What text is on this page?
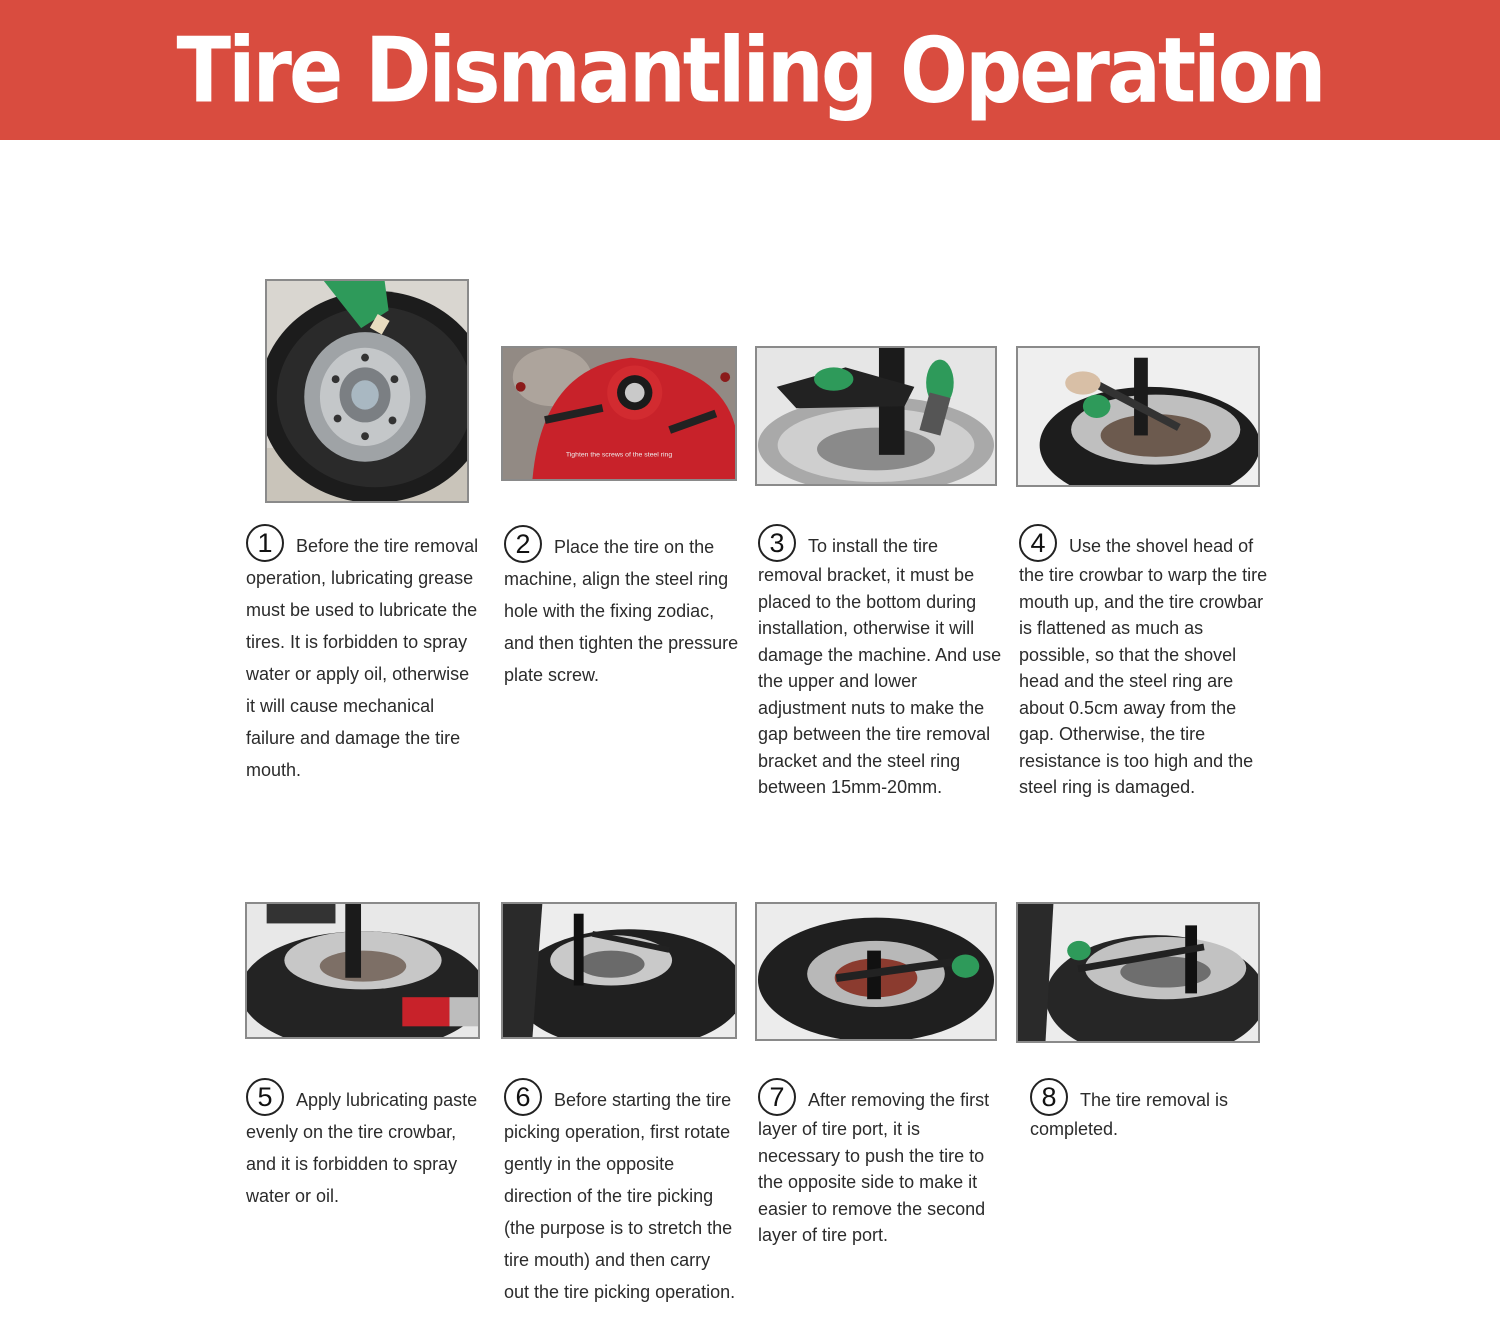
Tire Dismantling Operation
Tighten the screws of the steel ring
1 Before the tire removal operation, lubricating grease must be used to lubricate the tires. It is forbidden to spray water or apply oil, otherwise it will cause mechanical failure and damage the tire mouth.
2 Place the tire on the machine, align the steel ring hole with the fixing zodiac, and then tighten the pressure plate screw.
3 To install the tire removal bracket, it must be placed to the bottom during installation, otherwise it will damage the machine. And use the upper and lower adjustment nuts to make the gap between the tire removal bracket and the steel ring between 15mm-20mm.
4 Use the shovel head of the tire crowbar to warp the tire mouth up, and the tire crowbar is flattened as much as possible, so that the shovel head and the steel ring are about 0.5cm away from the gap. Otherwise, the tire resistance is too high and the steel ring is damaged.
5 Apply lubricating paste evenly on the tire crowbar, and it is forbidden to spray water or oil.
6 Before starting the tire picking operation, first rotate gently in the opposite direction of the tire picking (the purpose is to stretch the tire mouth) and then carry out the tire picking operation.
7 After removing the first layer of tire port, it is necessary to push the tire to the opposite side to make it easier to remove the second layer of tire port.
8 The tire removal is completed.
